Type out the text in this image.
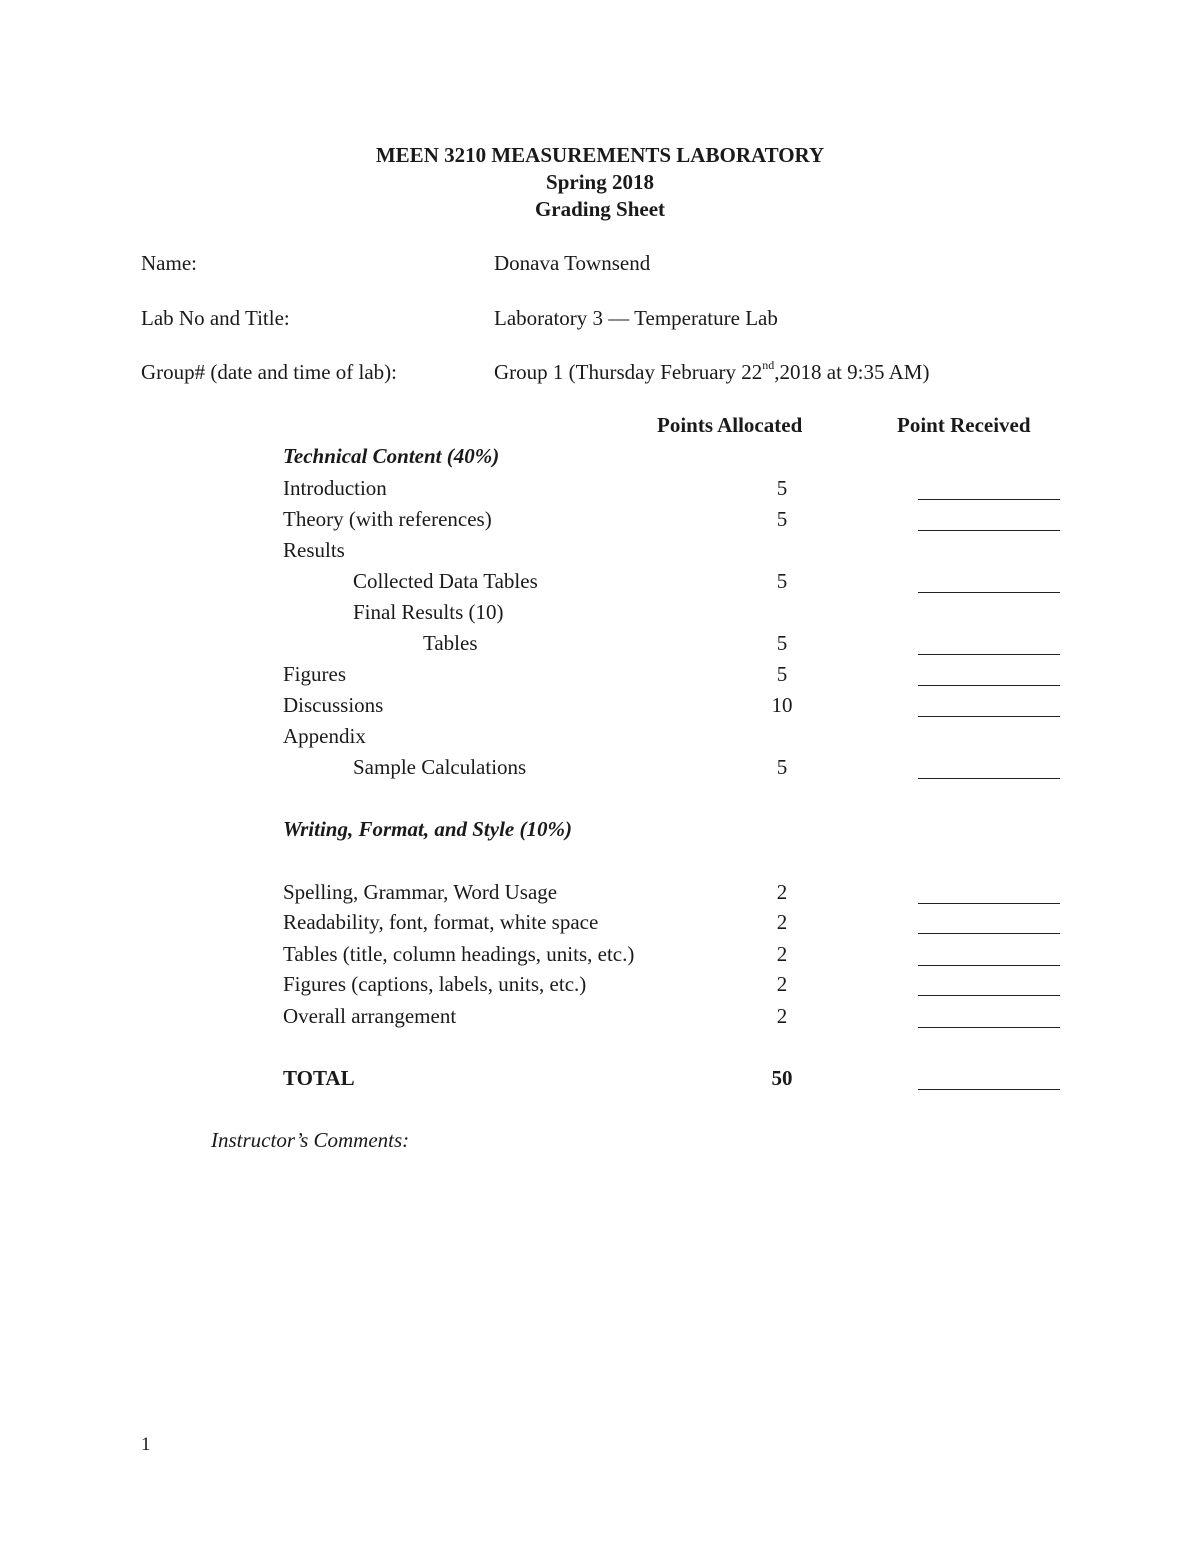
MEEN 3210 MEASUREMENTS LABORATORY
Spring 2018
Grading Sheet
Name:	Donava Townsend
Lab No and Title:	Laboratory 3 — Temperature Lab
Group# (date and time of lab):	Group 1 (Thursday February 22nd,2018 at 9:35 AM)
Points Allocated	Point Received
Technical Content (40%)
Introduction	5
Theory (with references)	5
Results
Collected Data Tables	5
Final Results (10)
Tables	5
Figures	5
Discussions	10
Appendix
Sample Calculations	5
Writing, Format, and Style (10%)
Spelling, Grammar, Word Usage	2
Readability, font, format, white space	2
Tables (title, column headings, units, etc.)	2
Figures (captions, labels, units, etc.)	2
Overall arrangement	2
TOTAL	50
Instructor’s Comments:
1
